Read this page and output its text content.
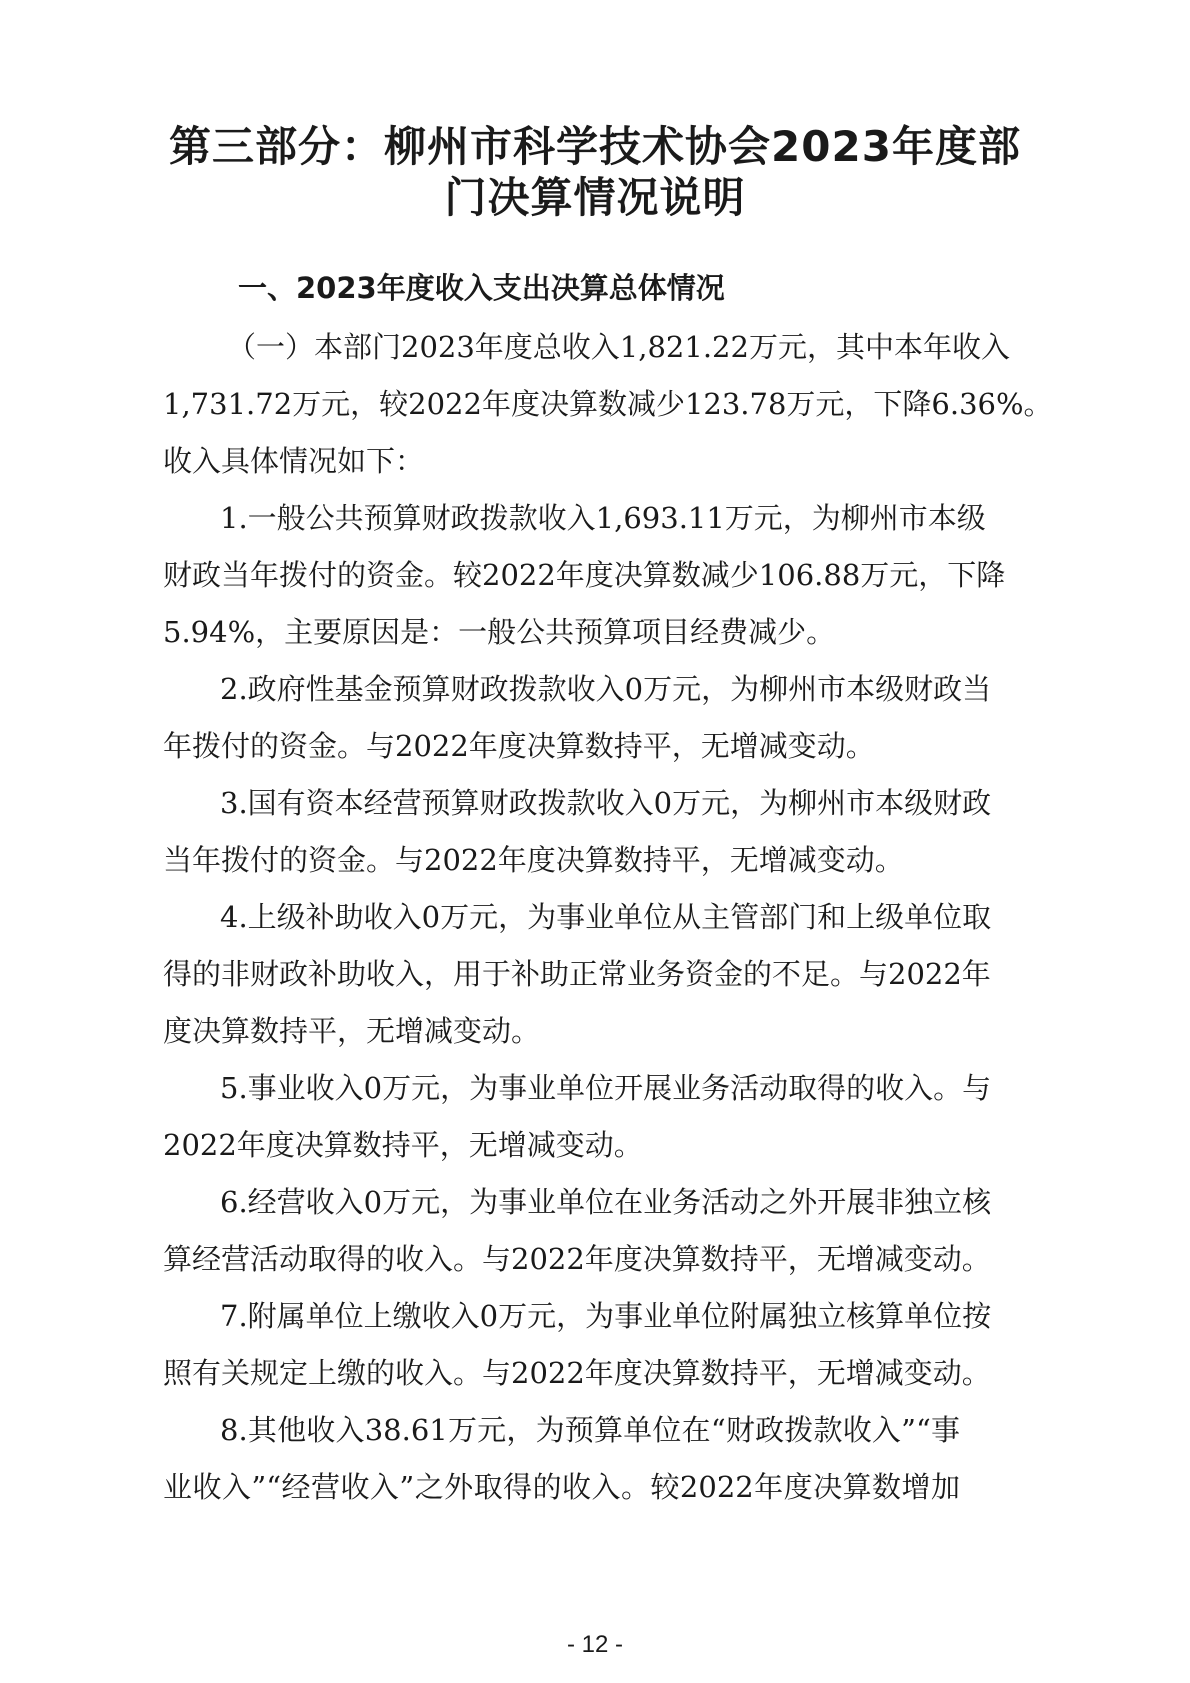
第三部分：柳州市科学技术协会2023年度部
门决算情况说明
一、2023年度收入支出决算总体情况
（一）本部门2023年度总收入1,821.22万元，其中本年收入
1,731.72万元，较2022年度决算数减少123.78万元，下降6.36%。
收入具体情况如下：
1.一般公共预算财政拨款收入1,693.11万元，为柳州市本级
财政当年拨付的资金。较2022年度决算数减少106.88万元，下降
5.94%，主要原因是：一般公共预算项目经费减少。
2.政府性基金预算财政拨款收入0万元，为柳州市本级财政当
年拨付的资金。与2022年度决算数持平，无增减变动。
3.国有资本经营预算财政拨款收入0万元，为柳州市本级财政
当年拨付的资金。与2022年度决算数持平，无增减变动。
4.上级补助收入0万元，为事业单位从主管部门和上级单位取
得的非财政补助收入，用于补助正常业务资金的不足。与2022年
度决算数持平，无增减变动。
5.事业收入0万元，为事业单位开展业务活动取得的收入。与
2022年度决算数持平，无增减变动。
6.经营收入0万元，为事业单位在业务活动之外开展非独立核
算经营活动取得的收入。与2022年度决算数持平，无增减变动。
7.附属单位上缴收入0万元，为事业单位附属独立核算单位按
照有关规定上缴的收入。与2022年度决算数持平，无增减变动。
8.其他收入38.61万元，为预算单位在“财政拨款收入”“事
业收入”“经营收入”之外取得的收入。较2022年度决算数增加
- 12 -
